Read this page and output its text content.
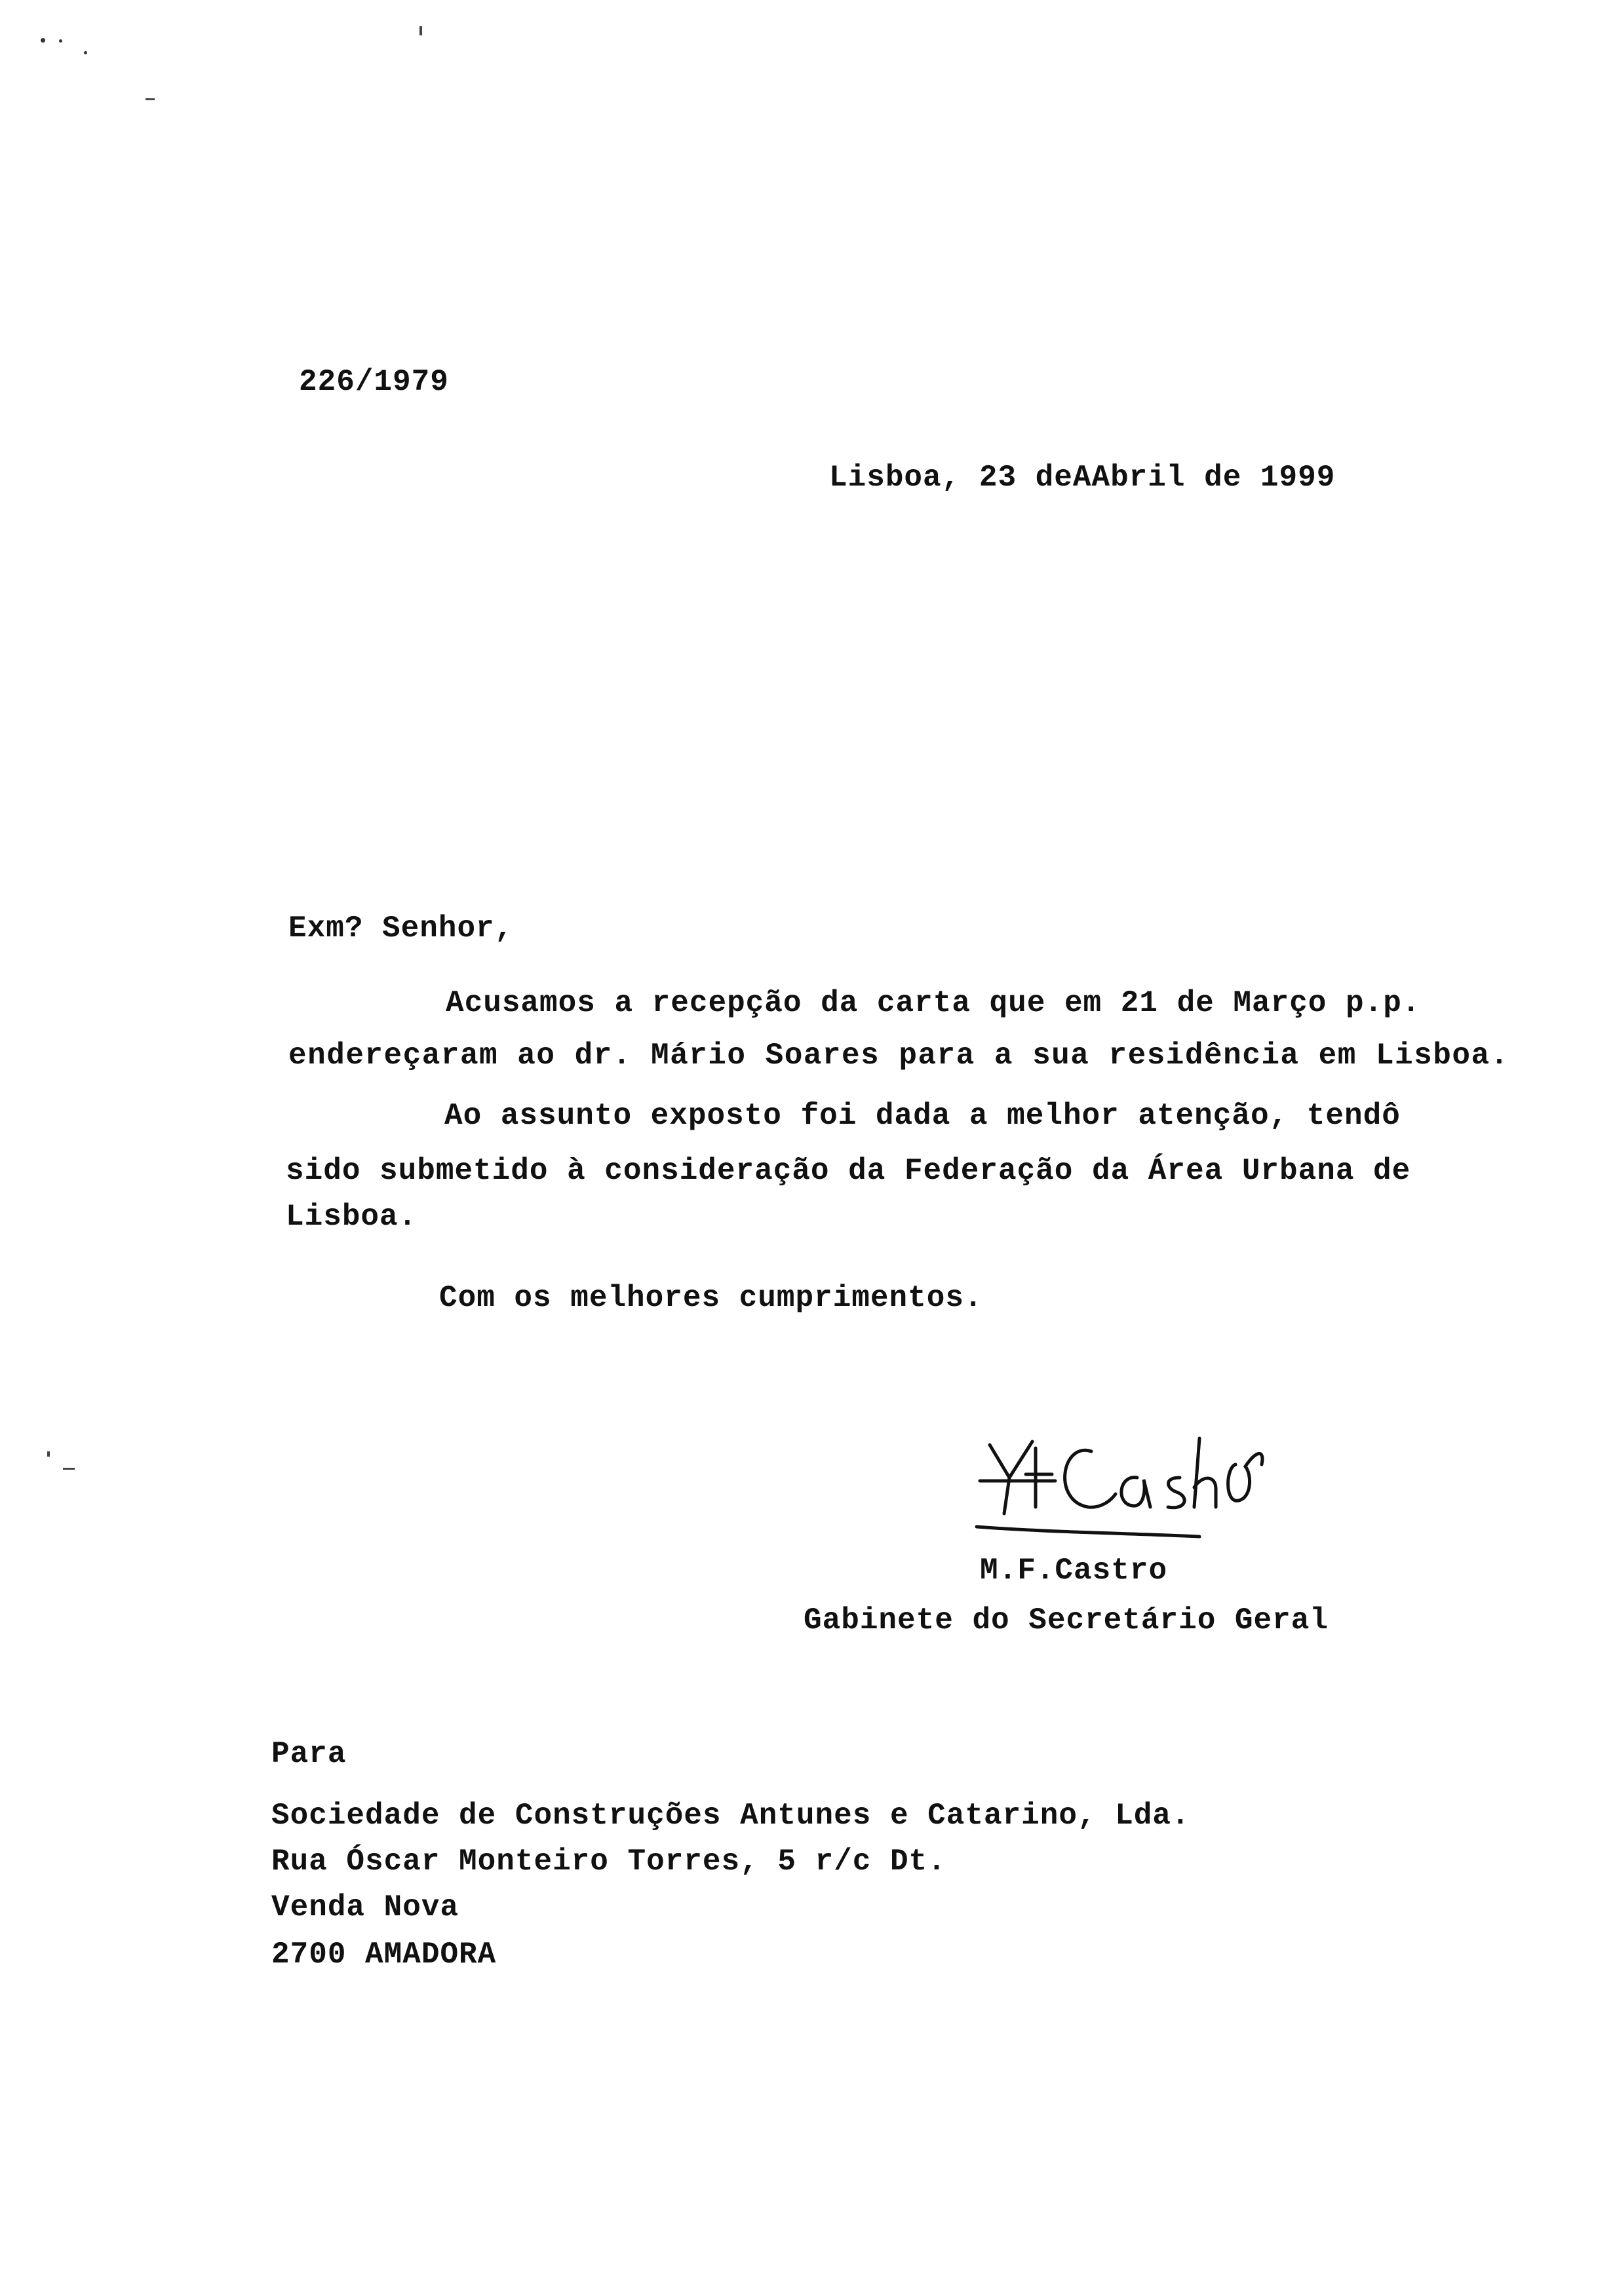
226/1979
Lisboa, 23 deAAbril de 1999
Exm? Senhor,
Acusamos a recepção da carta que em 21 de Março p.p.
endereçaram ao dr. Mário Soares para a sua residência em Lisboa.
Ao assunto exposto foi dada a melhor atenção, tendô
sido submetido à consideração da Federação da Área Urbana de
Lisboa.
Com os melhores cumprimentos.
M.F.Castro
Gabinete do Secretário Geral
Para
Sociedade de Construções Antunes e Catarino, Lda.
Rua Óscar Monteiro Torres, 5 r/c Dt.
Venda Nova
2700 AMADORA
